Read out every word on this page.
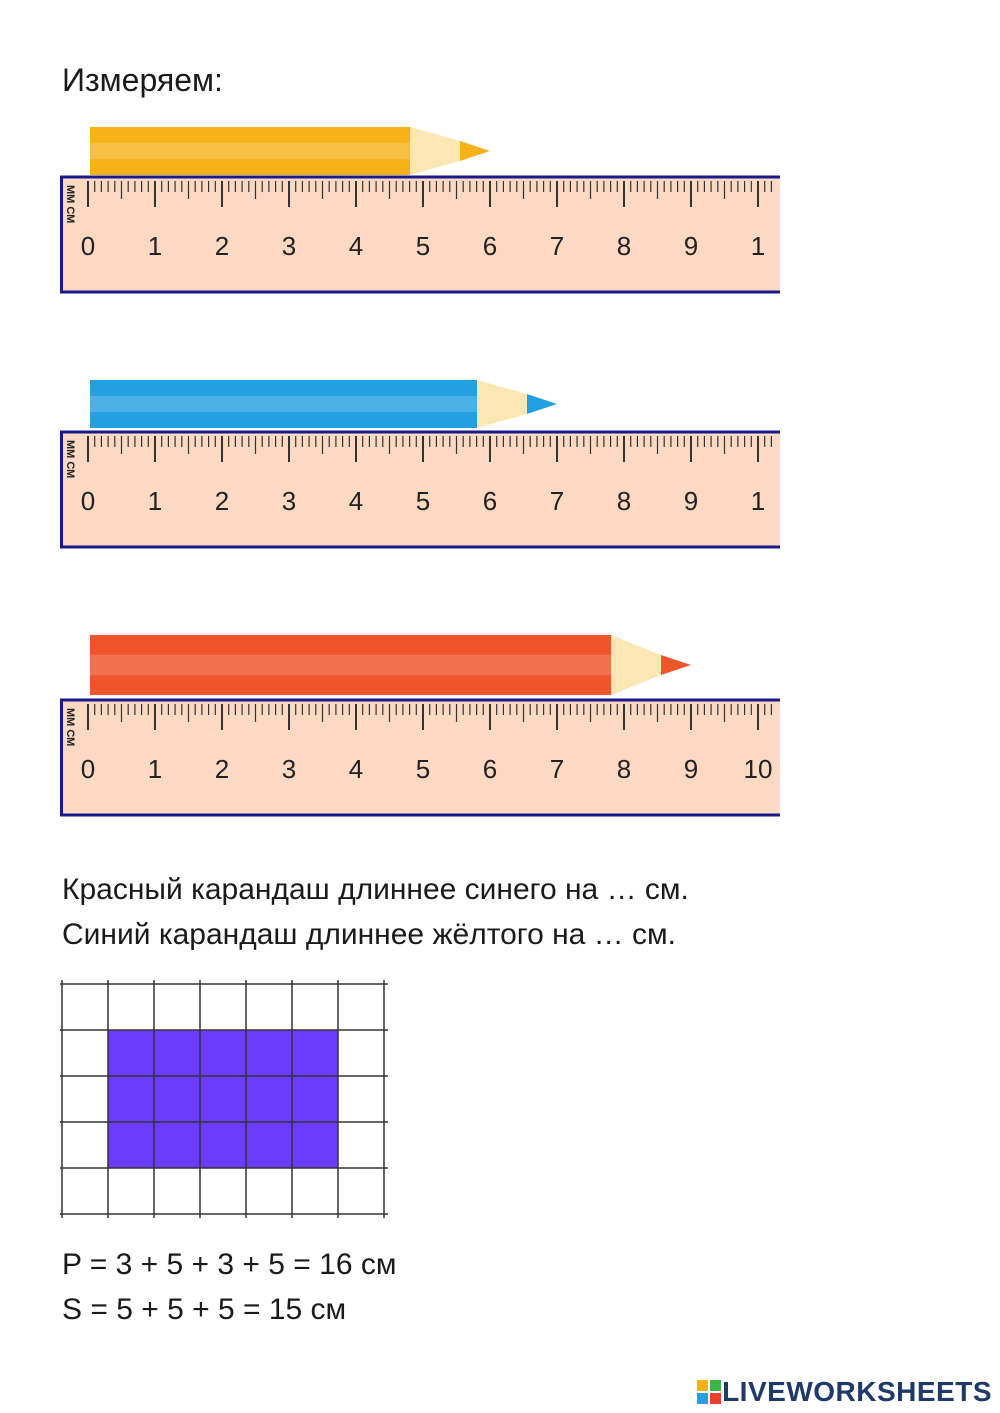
Измеряем:
0 1 2 3 4 5 6 7 8 9 1
ММ СМ
0 1 2 3 4 5 6 7 8 9 1
ММ СМ
0 1 2 3 4 5 6 7 8 9 10
ММ СМ
Красный карандаш длиннее синего на … см.
Синий карандаш длиннее жёлтого на … см.
P = 3 + 5 + 3 + 5 = 16 см
S = 5 + 5 + 5 = 15 см
LIVEWORKSHEETS
